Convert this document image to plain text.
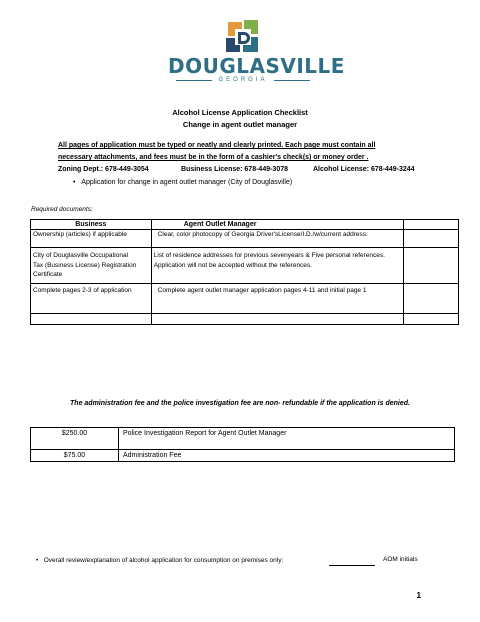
DOUGLASVILLE
GEORGIA
Alcohol License Application Checklist
Change in agent outlet manager
All pages of application must be typed or neatly and clearly printed. Each page must contain all
necessary attachments, and fees must be in the form of a cashier's check(s) or money order .
Zoning Dept.: 678-449-3054	Business License: 678-449-3078	Alcohol License: 678-449-3244
• Application for change in agent outlet manager (City of Douglasville)
Required documents:
Business	Agent Outlet Manager	
Ownership (articles) if applicable	Clear, color photocopy of Georgia Driver'sLicense/I.D./w/current address.	
City of Douglasville Occupational
Tax (Business License) Registration
Certificate	List of residence addresses for previous sevenyears & Five personal references.
Application will not be accepted without the references.	
Complete pages 2-3 of application	Complete agent outlet manager application pages 4-11 and initial page 1	

The administration fee and the police investigation fee are non- refundable if the application is denied.
$250.00	Police Investigation Report for Agent Outlet Manager
$75.00	Administration Fee
• Overall review/explanation of alcohol application for consumption on premises only:	AOM initials
1
